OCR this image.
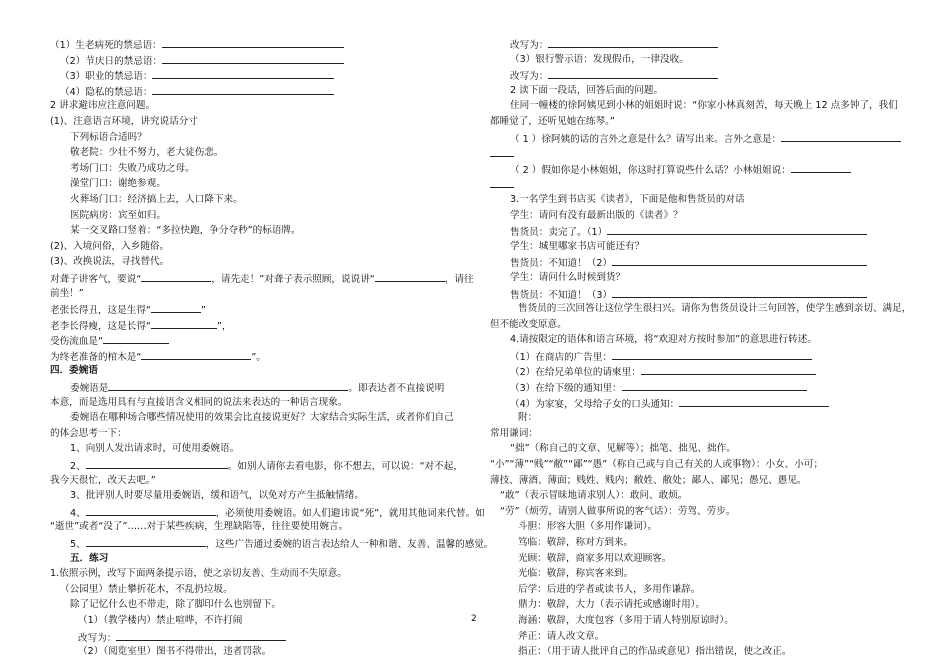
（1）生老病死的禁忌语：
（2）节庆日的禁忌语：
（3）职业的禁忌语：
（4）隐私的禁忌语：
2 讲求避讳应注意问题。
(1)、注意语言环境，讲究说话分寸
下列标语合适吗？
敬老院：少壮不努力，老大徒伤悲。
考场门口：失败乃成功之母。
澡堂门口：谢绝参观。
火葬场门口：经济搞上去，人口降下来。
医院病房：宾至如归。
某一交叉路口竖着：“多拉快跑，争分夺秒”的标语牌。
(2)、入境问俗，入乡随俗。
(3)、改换说法，寻找替代。
对聋子讲客气，要说“	，请先走！”对聋子表示照顾，说说讲“	，请往
前坐！”
老张长得丑，这是生得“	”
老李长得瘦，这是长得“	”，
受伤流血是“
为终老准备的棺木是“	”。
四．委婉语
委婉语是	。即表达者不直接说明
本意，而是选用具有与直接语含义相同的说法来表达的一种语言现象。
委婉语在哪种场合哪些情况使用的效果会比直接说更好？大家结合实际生活，或者你们自己
的体会思考一下：
1、向别人发出请求时，可使用委婉语。
2、	。如别人请你去看电影，你不想去，可以说：“对不起，
我今天很忙，改天去吧。”
3、批评别人时要尽量用委婉语，缓和语气，以免对方产生抵触情绪。
4、	，必须使用委婉语。如人们避讳说“死”，就用其他词来代替。如
“逝世”或者“没了”……对于某些疾病，生理缺陷等，往往要使用婉言。
5、	，这些广告通过委婉的语言表达给人一种和谐、友善、温馨的感觉。
五．练习
1.依照示例，改写下面两条提示语，使之亲切友善、生动而不失原意。
（公园里）禁止攀折花木，不乱扔垃圾。
除了记忆什么也不带走，除了脚印什么也别留下。
（1）（教学楼内）禁止喧哗，不许打闹
改写为：
（2）（阅览室里）图书不得带出，违者罚款。
改写为：
（3）银行警示语：发现假币，一律没收。
改写为：
2 读下面一段话，回答后面的问题。
住同一幢楼的徐阿姨见到小林的姐姐时说：“你家小林真刻苦，每天晚上 12 点多钟了，我们
都睡觉了，还听见她在练琴。”
（ 1 ）徐阿姨的话的言外之意是什么？请写出来。言外之意是：
（ 2 ）假如你是小林姐姐，你这时打算说些什么话？小林姐姐说：
3.一名学生到书店买《读者》，下面是他和售货员的对话
学生：请问有没有最新出版的《读者》？
售货员：卖完了。（1）
学生：城里哪家书店可能还有？
售货员：不知道！（2）
学生：请问什么时候到货？
售货员：不知道！（3）
售货员的三次回答让这位学生很扫兴。请你为售货员设计三句回答，使学生感到亲切、满足，
但不能改变原意。
4.请按限定的语体和语言环境，将“欢迎对方按时参加”的意思进行转述。
（1）在商店的广告里：
（2）在给兄弟单位的请柬里：
（3）在给下级的通知里：
（4）为家宴，父母给子女的口头通知：
附：
常用谦词：
“拙”（称自己的文章、见解等）；拙笔、拙见、拙作。
“小”“薄”“贱”“敝”“鄙”“愚”（称自己或与自己有关的人或事物）：小女、小可；
薄技、薄酒、薄面；贱姓、贱内；敝姓、敝处；鄙人、鄙见；愚兄、愚见。
“敢”（表示冒昧地请求别人）：敢问、敢烦。
“劳”（烦劳，请别人做事所说的客气话）：劳驾、劳步。
斗胆：形容大胆（多用作谦词）。
笃临：敬辞，称对方到来。
光顾：敬辞，商家多用以欢迎顾客。
光临：敬辞，称宾客来到。
后学：后进的学者或读书人，多用作谦辞。
鼎力：敬辞，大力（表示请托或感谢时用）。
海涵：敬辞，大度包容（多用于请人特别原谅时）。
斧正：请人改文章。
指正：（用于请人批评自己的作品或意见）指出错误，使之改正。
2
